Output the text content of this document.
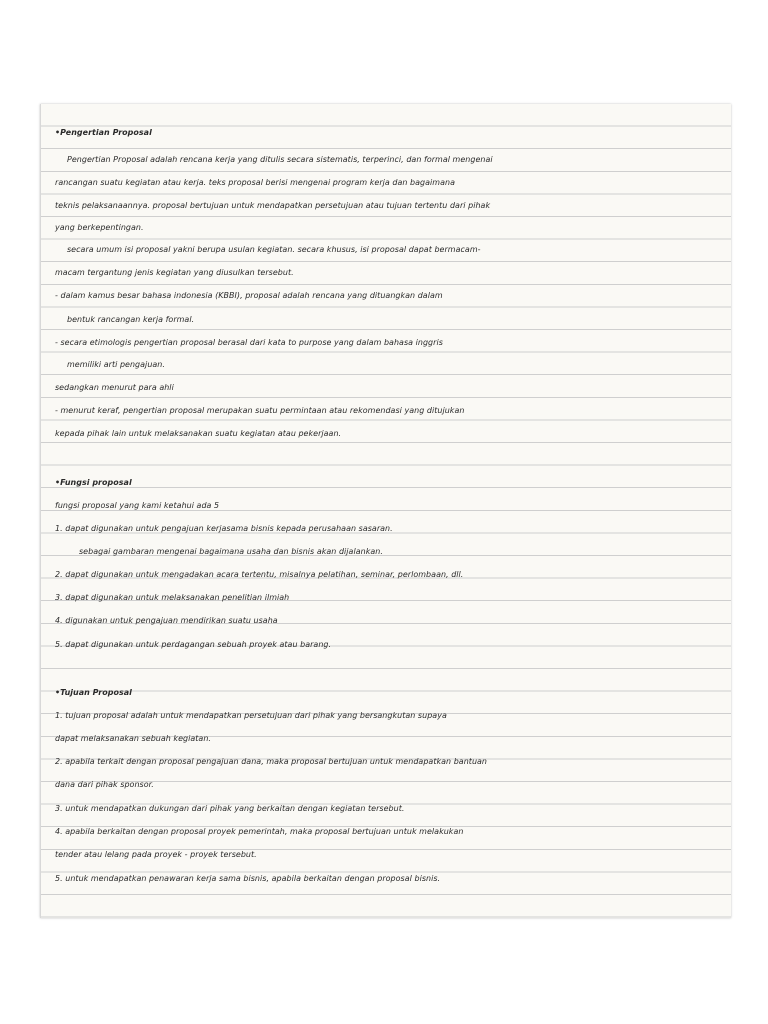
•Pengertian Proposal
Pengertian Proposal adalah rencana kerja yang ditulis secara sistematis, terperinci, dan formal mengenai
rancangan suatu kegiatan atau kerja. teks proposal berisi mengenai program kerja dan bagaimana
teknis pelaksanaannya. proposal bertujuan untuk mendapatkan persetujuan atau tujuan tertentu dari pihak
yang berkepentingan.
secara umum isi proposal yakni berupa usulan kegiatan. secara khusus, isi proposal dapat bermacam-
macam tergantung jenis kegiatan yang diusulkan tersebut.
- dalam kamus besar bahasa indonesia (KBBI), proposal adalah rencana yang dituangkan dalam
bentuk rancangan kerja formal.
- secara etimologis pengertian proposal berasal dari kata to purpose yang dalam bahasa inggris
memiliki arti pengajuan.
sedangkan menurut para ahli
- menurut keraf, pengertian proposal merupakan suatu permintaan atau rekomendasi yang ditujukan
kepada pihak lain untuk melaksanakan suatu kegiatan atau pekerjaan.
•Fungsi proposal
fungsi proposal yang kami ketahui ada 5
1. dapat digunakan untuk pengajuan kerjasama bisnis kepada perusahaan sasaran.
sebagai gambaran mengenai bagaimana usaha dan bisnis akan dijalankan.
2. dapat digunakan untuk mengadakan acara tertentu, misalnya pelatihan, seminar, perlombaan, dll.
3. dapat digunakan untuk melaksanakan penelitian ilmiah
4. digunakan untuk pengajuan mendirikan suatu usaha
5. dapat digunakan untuk perdagangan sebuah proyek atau barang.
•Tujuan Proposal
1. tujuan proposal adalah untuk mendapatkan persetujuan dari pihak yang bersangkutan supaya
dapat melaksanakan sebuah kegiatan.
2. apabila terkait dengan proposal pengajuan dana, maka proposal bertujuan untuk mendapatkan bantuan
dana dari pihak sponsor.
3. untuk mendapatkan dukungan dari pihak yang berkaitan dengan kegiatan tersebut.
4. apabila berkaitan dengan proposal proyek pemerintah, maka proposal bertujuan untuk melakukan
tender atau lelang pada proyek - proyek tersebut.
5. untuk mendapatkan penawaran kerja sama bisnis, apabila berkaitan dengan proposal bisnis.
